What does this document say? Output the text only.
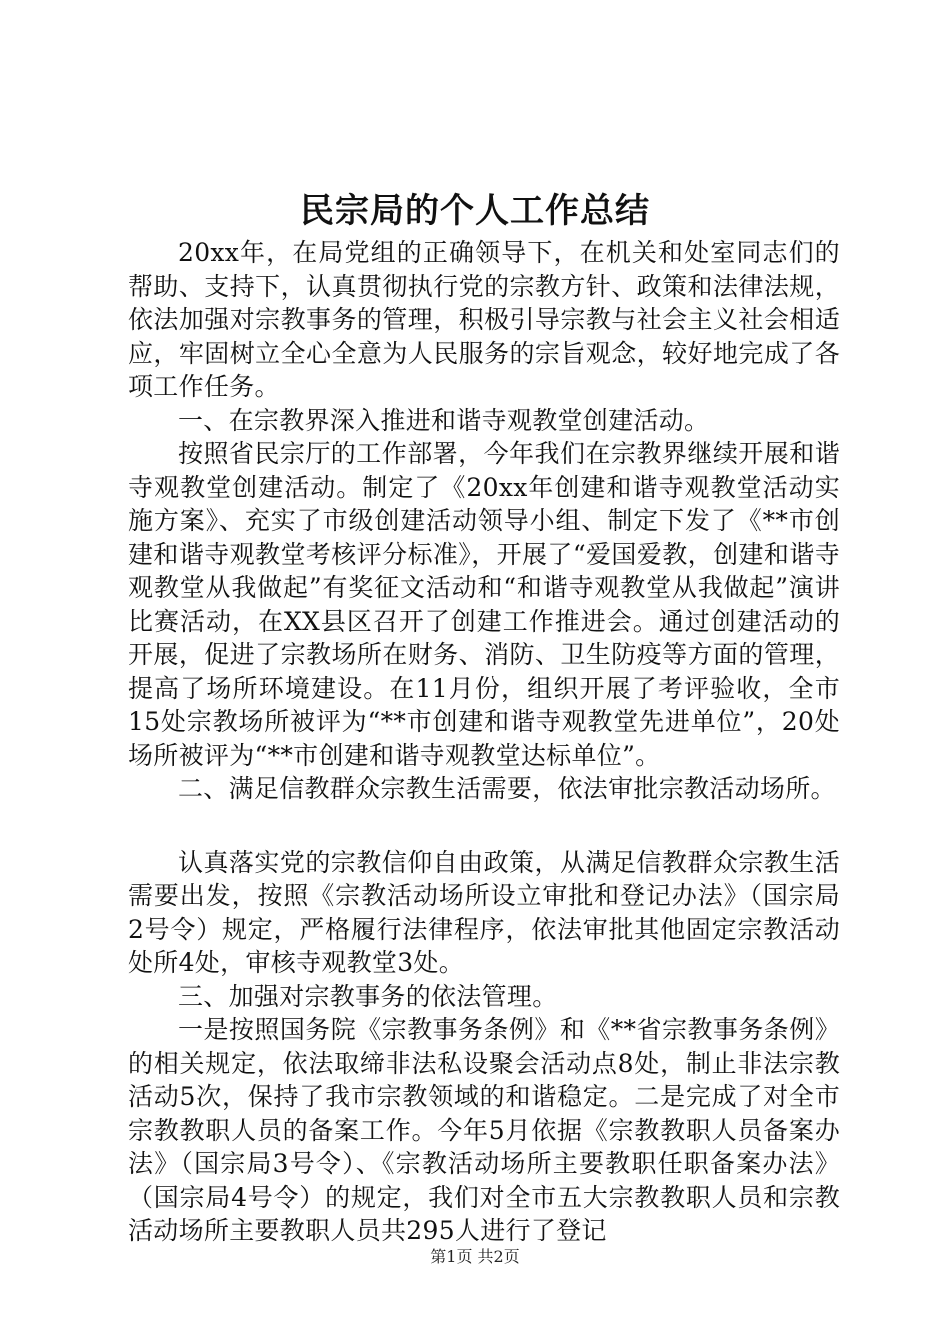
民宗局的个人工作总结

20xx年，在局党组的正确领导下，在机关和处室同志们的帮助、支持下，认真贯彻执行党的宗教方针、政策和法律法规，依法加强对宗教事务的管理，积极引导宗教与社会主义社会相适应，牢固树立全心全意为人民服务的宗旨观念，较好地完成了各项工作任务。

一、在宗教界深入推进和谐寺观教堂创建活动。

按照省民宗厅的工作部署，今年我们在宗教界继续开展和谐寺观教堂创建活动。制定了《20xx年创建和谐寺观教堂活动实施方案》、充实了市级创建活动领导小组、制定下发了《**市创建和谐寺观教堂考核评分标准》，开展了“爱国爱教，创建和谐寺观教堂从我做起”有奖征文活动和“和谐寺观教堂从我做起”演讲比赛活动，在XX县区召开了创建工作推进会。通过创建活动的开展，促进了宗教场所在财务、消防、卫生防疫等方面的管理，提高了场所环境建设。在11月份，组织开展了考评验收，全市15处宗教场所被评为“**市创建和谐寺观教堂先进单位”，20处场所被评为“**市创建和谐寺观教堂达标单位”。

二、满足信教群众宗教生活需要，依法审批宗教活动场所。

认真落实党的宗教信仰自由政策，从满足信教群众宗教生活需要出发，按照《宗教活动场所设立审批和登记办法》（国宗局2号令）规定，严格履行法律程序，依法审批其他固定宗教活动处所4处，审核寺观教堂3处。

三、加强对宗教事务的依法管理。

一是按照国务院《宗教事务条例》和《**省宗教事务条例》的相关规定，依法取缔非法私设聚会活动点8处，制止非法宗教活动5次，保持了我市宗教领域的和谐稳定。二是完成了对全市宗教教职人员的备案工作。今年5月依据《宗教教职人员备案办法》（国宗局3号令）、《宗教活动场所主要教职任职备案办法》（国宗局4号令）的规定，我们对全市五大宗教教职人员和宗教活动场所主要教职人员共295人进行了登记

第1页 共2页
